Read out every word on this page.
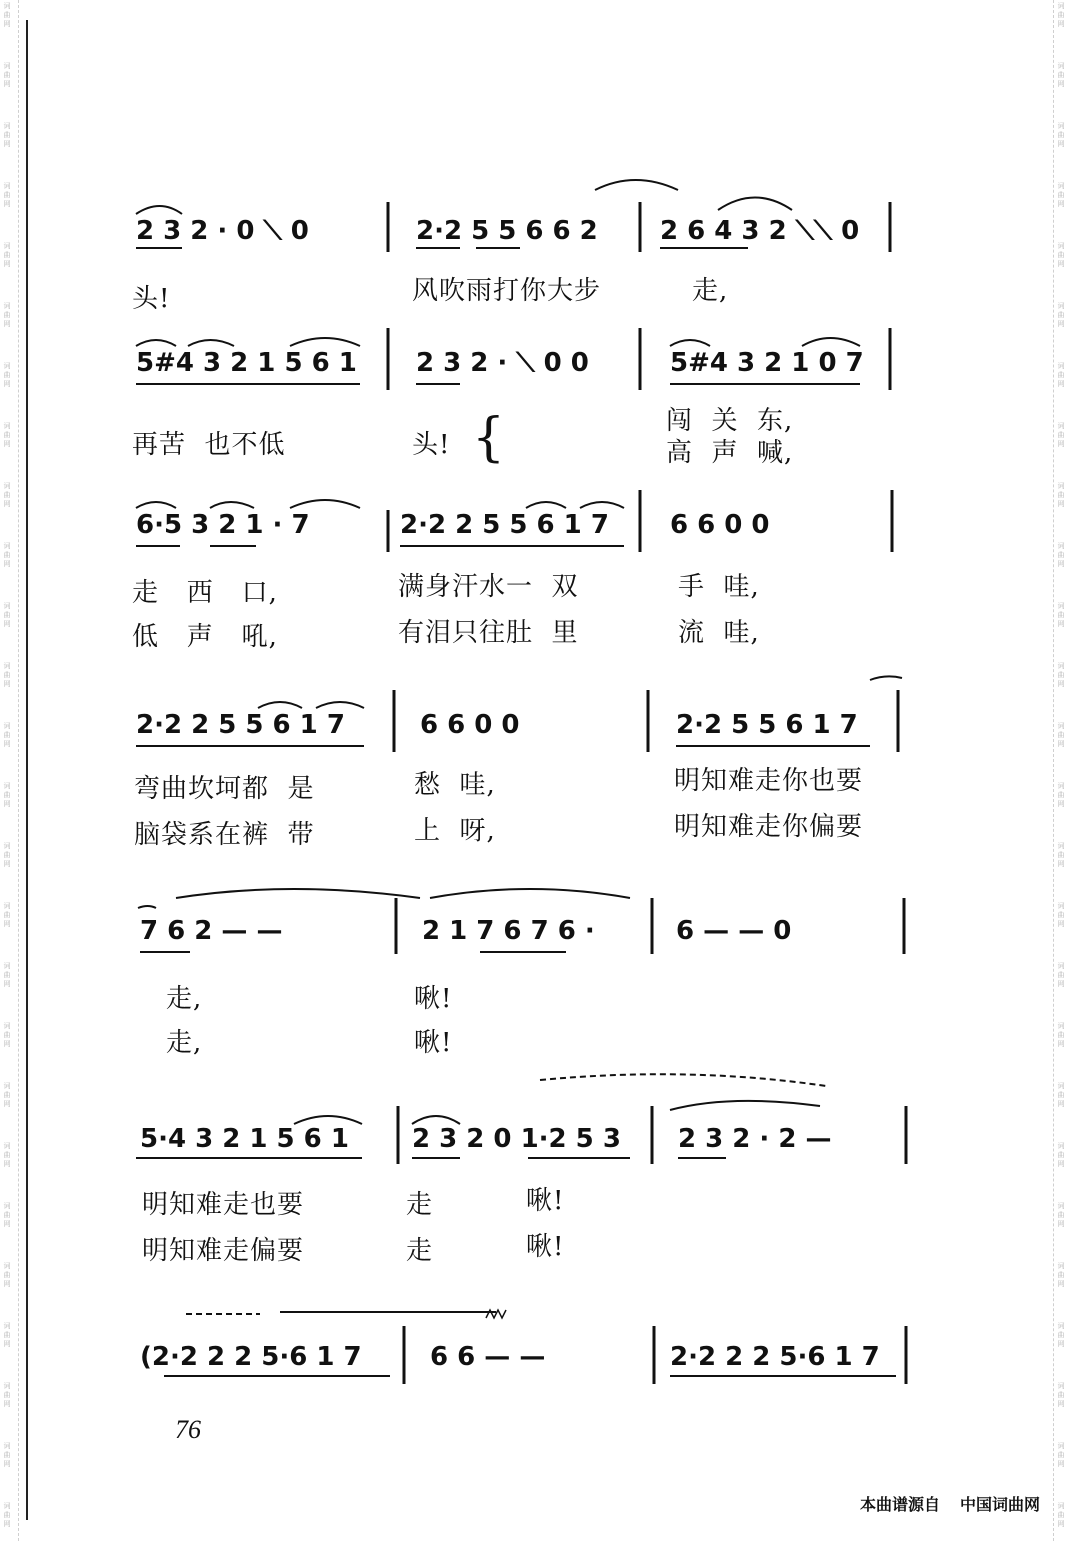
词
曲
网
词
曲
网
词
曲
网
词
曲
网
词
曲
网
词
曲
网
词
曲
网
词
曲
网
词
曲
网
词
曲
网
词
曲
网
词
曲
网
词
曲
网
词
曲
网
词
曲
网
词
曲
网
词
曲
网
词
曲
网
词
曲
网
词
曲
网
词
曲
网
词
曲
网
词
曲
网
词
曲
网
词
曲
网
词
曲
网
词
曲
网
词
曲
网
词
曲
网
词
曲
网
词
曲
网
词
曲
网
词
曲
网
词
曲
网
词
曲
网
词
曲
网
词
曲
网
词
曲
网
词
曲
网
词
曲
网
词
曲
网
词
曲
网
词
曲
网
词
曲
网
词
曲
网
词
曲
网
词
曲
网
词
曲
网
词
曲
网
词
曲
网
词
曲
网
词
曲
网
2 3 2 · 0 ⟍ 0	2·2 5 5 6 6 2 2 6 4 3 2 ⟍⟍ 0
头!	风吹雨打你大步	走,
5#4 3 2 1 5 6 1 2 3 2 · ⟍ 0 0	5#4 3 2 1 0 7
再苦  也不低	头! {	闯  关  东,
高  声  喊,
6·5 3 2 1 · 7	2·2 2 5 5 6 1 7 6 6 0 0
走   西   口,	满身汗水一  双	手  哇,
低   声   吼,	有泪只往肚  里	流  哇,
2·2 2 5 5 6 1 7	6 6 0 0	2·2 5 5 6 1 7
弯曲坎坷都  是	愁  哇,	明知难走你也要
脑袋系在裤  带	上  呀,	明知难走你偏要
7 6 2 — —	2 1 7 6 7 6 ·	6 — — 0
走,	啾!
走,	啾!
5·4 3 2 1 5 6 1 2 3 2 0 1·2 5 3 2 3 2 · 2 —
明知难走也要	走	啾!
明知难走偏要	走	啾!
(2·2 2 2 5·6 1 7	6 6 — —	2·2 2 2 5·6 1 7
76
本曲谱源自 中国词曲网
